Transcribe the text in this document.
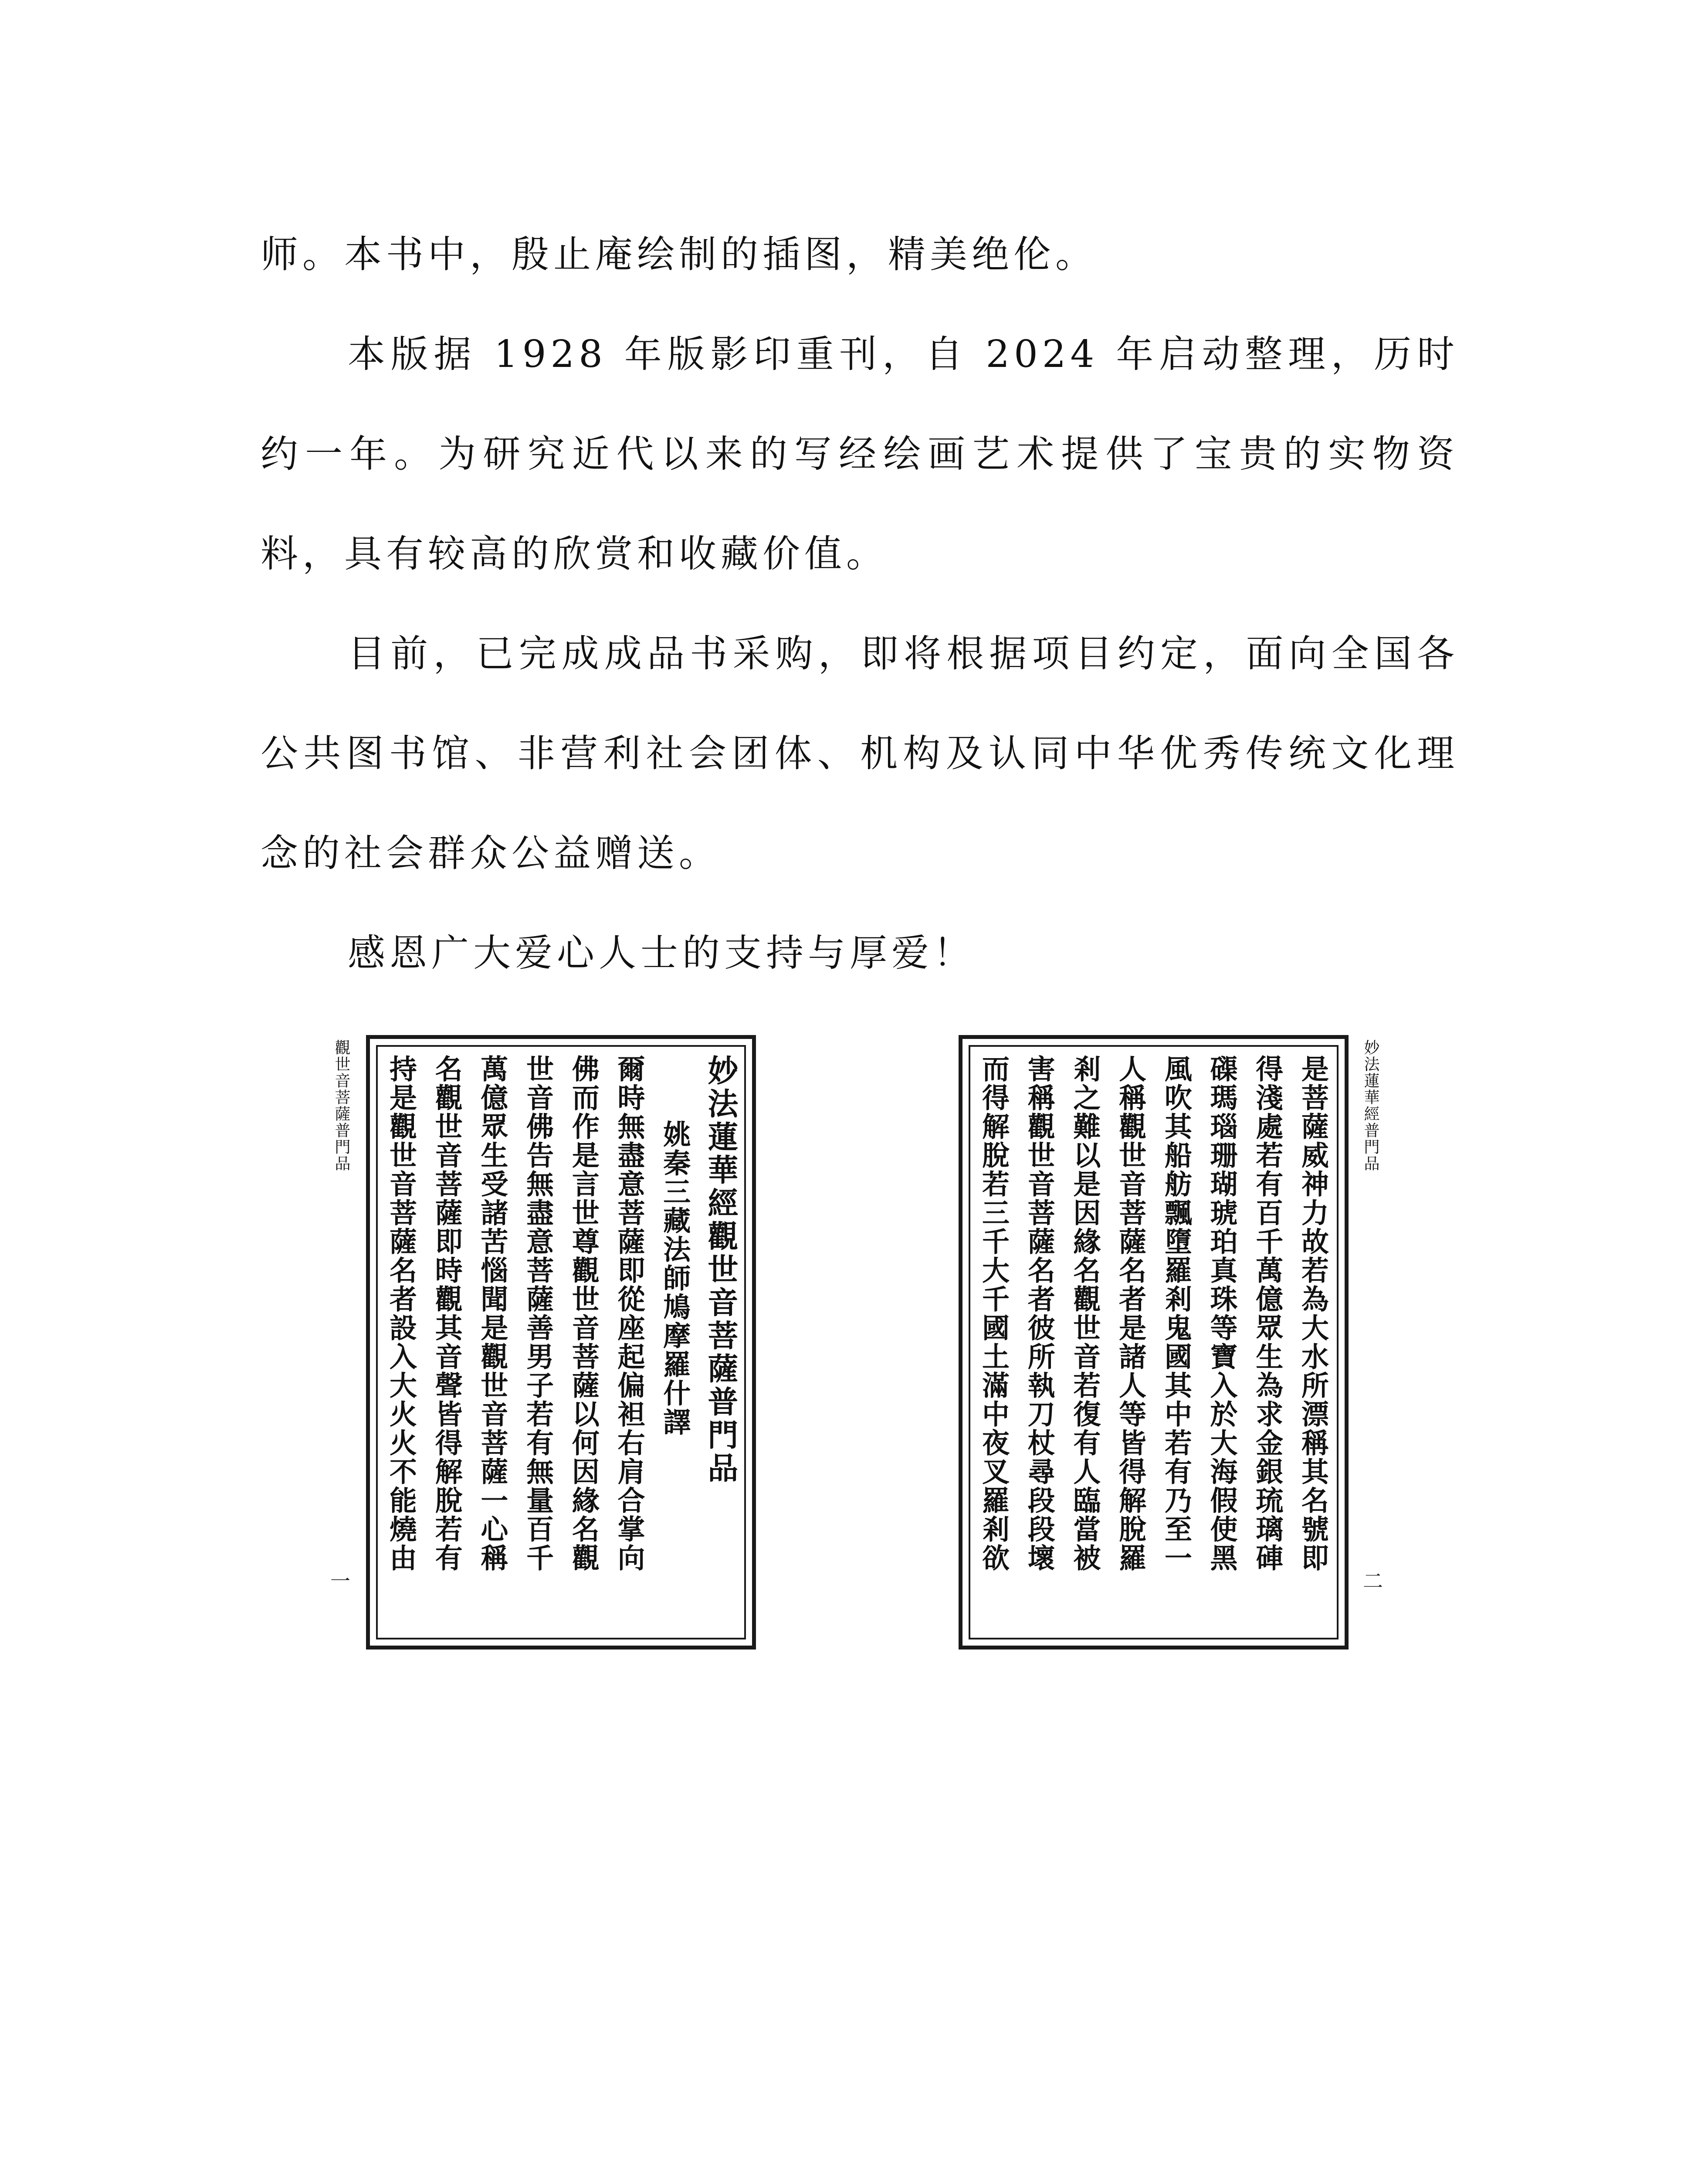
师。本书中，殷止庵绘制的插图，精美绝伦。

本版据 1928 年版影印重刊，自 2024 年启动整理，历时约一年。为研究近代以来的写经绘画艺术提供了宝贵的实物资料，具有较高的欣赏和收藏价值。

目前，已完成成品书采购，即将根据项目约定，面向全国各公共图书馆、非营利社会团体、机构及认同中华优秀传统文化理念的社会群众公益赠送。

感恩广大爱心人士的支持与厚爱！

觀世音菩薩普門品
一
妙法蓮華經觀世音菩薩普門品
姚秦三藏法師鳩摩羅什譯
爾時無盡意菩薩即從座起偏袒右肩合掌向
佛而作是言世尊觀世音菩薩以何因緣名觀
世音佛告無盡意菩薩善男子若有無量百千
萬億眾生受諸苦惱聞是觀世音菩薩一心稱
名觀世音菩薩即時觀其音聲皆得解脫若有
持是觀世音菩薩名者設入大火火不能燒由	妙法蓮華經普門品
二
是菩薩威神力故若為大水所漂稱其名號即
得淺處若有百千萬億眾生為求金銀琉璃硨
磲瑪瑙珊瑚琥珀真珠等寶入於大海假使黑
風吹其船舫飄墮羅剎鬼國其中若有乃至一
人稱觀世音菩薩名者是諸人等皆得解脫羅
剎之難以是因緣名觀世音若復有人臨當被
害稱觀世音菩薩名者彼所執刀杖尋段段壞
而得解脫若三千大千國土滿中夜叉羅剎欲
